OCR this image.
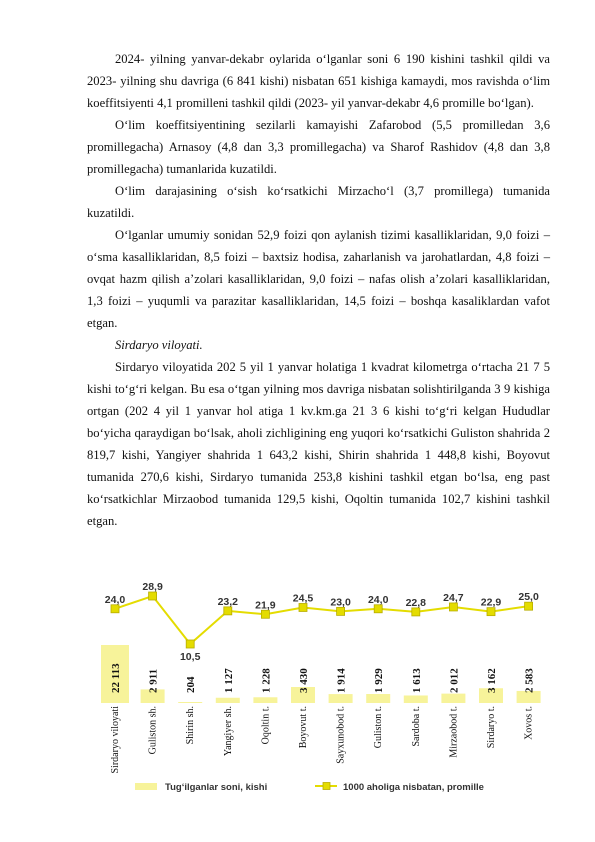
2024- yilning yanvar-dekabr oylarida o‘lganlar soni 6 190 kishini tashkil qildi va 2023- yilning shu davriga (6 841 kishi) nisbatan 651 kishiga kamaydi, mos ravishda o‘lim koeffitsiyenti 4,1 promilleni tashkil qildi (2023- yil yanvar-dekabr 4,6 promille bo‘lgan).

O‘lim koeffitsiyentining sezilarli kamayishi Zafarobod (5,5 promilledan 3,6 promillegacha) Arnasoy (4,8 dan 3,3 promillegacha) va Sharof Rashidov (4,8 dan 3,8 promillegacha) tumanlarida kuzatildi.

O‘lim darajasining o‘sish ko‘rsatkichi Mirzacho‘l (3,7 promillega) tumanida kuzatildi.

O‘lganlar umumiy sonidan 52,9 foizi qon aylanish tizimi kasalliklaridan, 9,0 foizi – o‘sma kasalliklaridan, 8,5 foizi – baxtsiz hodisa, zaharlanish va jarohatlardan, 4,8 foizi – ovqat hazm qilish a’zolari kasalliklaridan, 9,0 foizi – nafas olish a’zolari kasalliklaridan, 1,3 foizi – yuqumli va parazitar kasalliklaridan, 14,5 foizi – boshqa kasaliklardan vafot etgan.

Sirdaryo viloyati.

Sirdaryo viloyatida 202 5 yil 1 yanvar holatiga 1 kvadrat kilometrga o‘rtacha 21 7 5 kishi to‘g‘ri kelgan. Bu esa o‘tgan yilning mos davriga nisbatan solishtirilganda 3 9 kishiga ortgan (202 4 yil 1 yanvar hol atiga 1 kv.km.ga 21 3 6 kishi to‘g‘ri kelgan Hududlar bo‘yicha qaraydigan bo‘lsak, aholi zichligining eng yuqori ko‘rsatkichi Guliston shahrida 2 819,7 kishi, Yangiyer shahrida 1 643,2 kishi, Shirin shahrida 1 448,8 kishi, Boyovut tumanida 270,6 kishi, Sirdaryo tumanida 253,8 kishini tashkil etgan bo‘lsa, eng past ko‘rsatkichlar Mirzaobod tumanida 129,5 kishi, Oqoltin tumanida 102,7 kishini tashkil etgan.

22 113 2 911 204 1 127 1 228 3 430 1 914 1 929 1 613 2 012 3 162 2 583
24,0
28,9
10,5
23,2 21,9
24,5 23,0 24,0 22,8 24,7 22,9 25,0
Sirdaryo viloyati	Guliston sh.	Shirin sh.	Yangiyer sh.	Oqoltin t.	Boyovut t.	Sayxunobod t.	Guliston t.	Sardoba t.	Mirzaobod t.	Sirdaryo t.	Xovos t.
Tug‘ilganlar soni, kishi	1000 aholiga nisbatan, promille
